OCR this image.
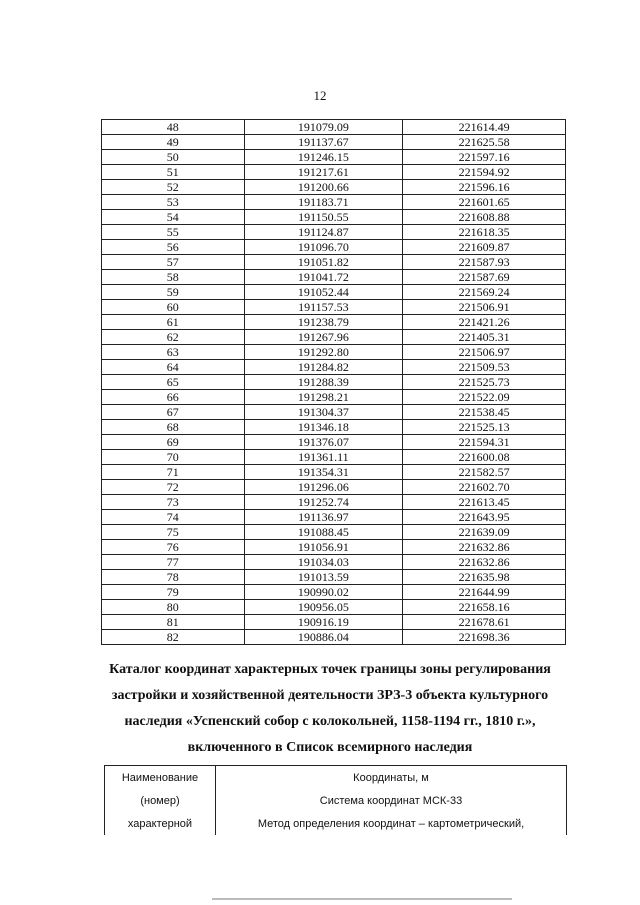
12
48	191079.09	221614.49
49	191137.67	221625.58
50	191246.15	221597.16
51	191217.61	221594.92
52	191200.66	221596.16
53	191183.71	221601.65
54	191150.55	221608.88
55	191124.87	221618.35
56	191096.70	221609.87
57	191051.82	221587.93
58	191041.72	221587.69
59	191052.44	221569.24
60	191157.53	221506.91
61	191238.79	221421.26
62	191267.96	221405.31
63	191292.80	221506.97
64	191284.82	221509.53
65	191288.39	221525.73
66	191298.21	221522.09
67	191304.37	221538.45
68	191346.18	221525.13
69	191376.07	221594.31
70	191361.11	221600.08
71	191354.31	221582.57
72	191296.06	221602.70
73	191252.74	221613.45
74	191136.97	221643.95
75	191088.45	221639.09
76	191056.91	221632.86
77	191034.03	221632.86
78	191013.59	221635.98
79	190990.02	221644.99
80	190956.05	221658.16
81	190916.19	221678.61
82	190886.04	221698.36
Каталог координат характерных точек границы зоны регулирования
застройки и хозяйственной деятельности ЗРЗ-3 объекта культурного
наследия «Успенский собор с колокольней, 1158-1194 гг., 1810 г.»,
включенного в Список всемирного наследия
Наименование	Координаты, м
(номер)	Система координат МСК-33
характерной	Метод определения координат – картометрический,
